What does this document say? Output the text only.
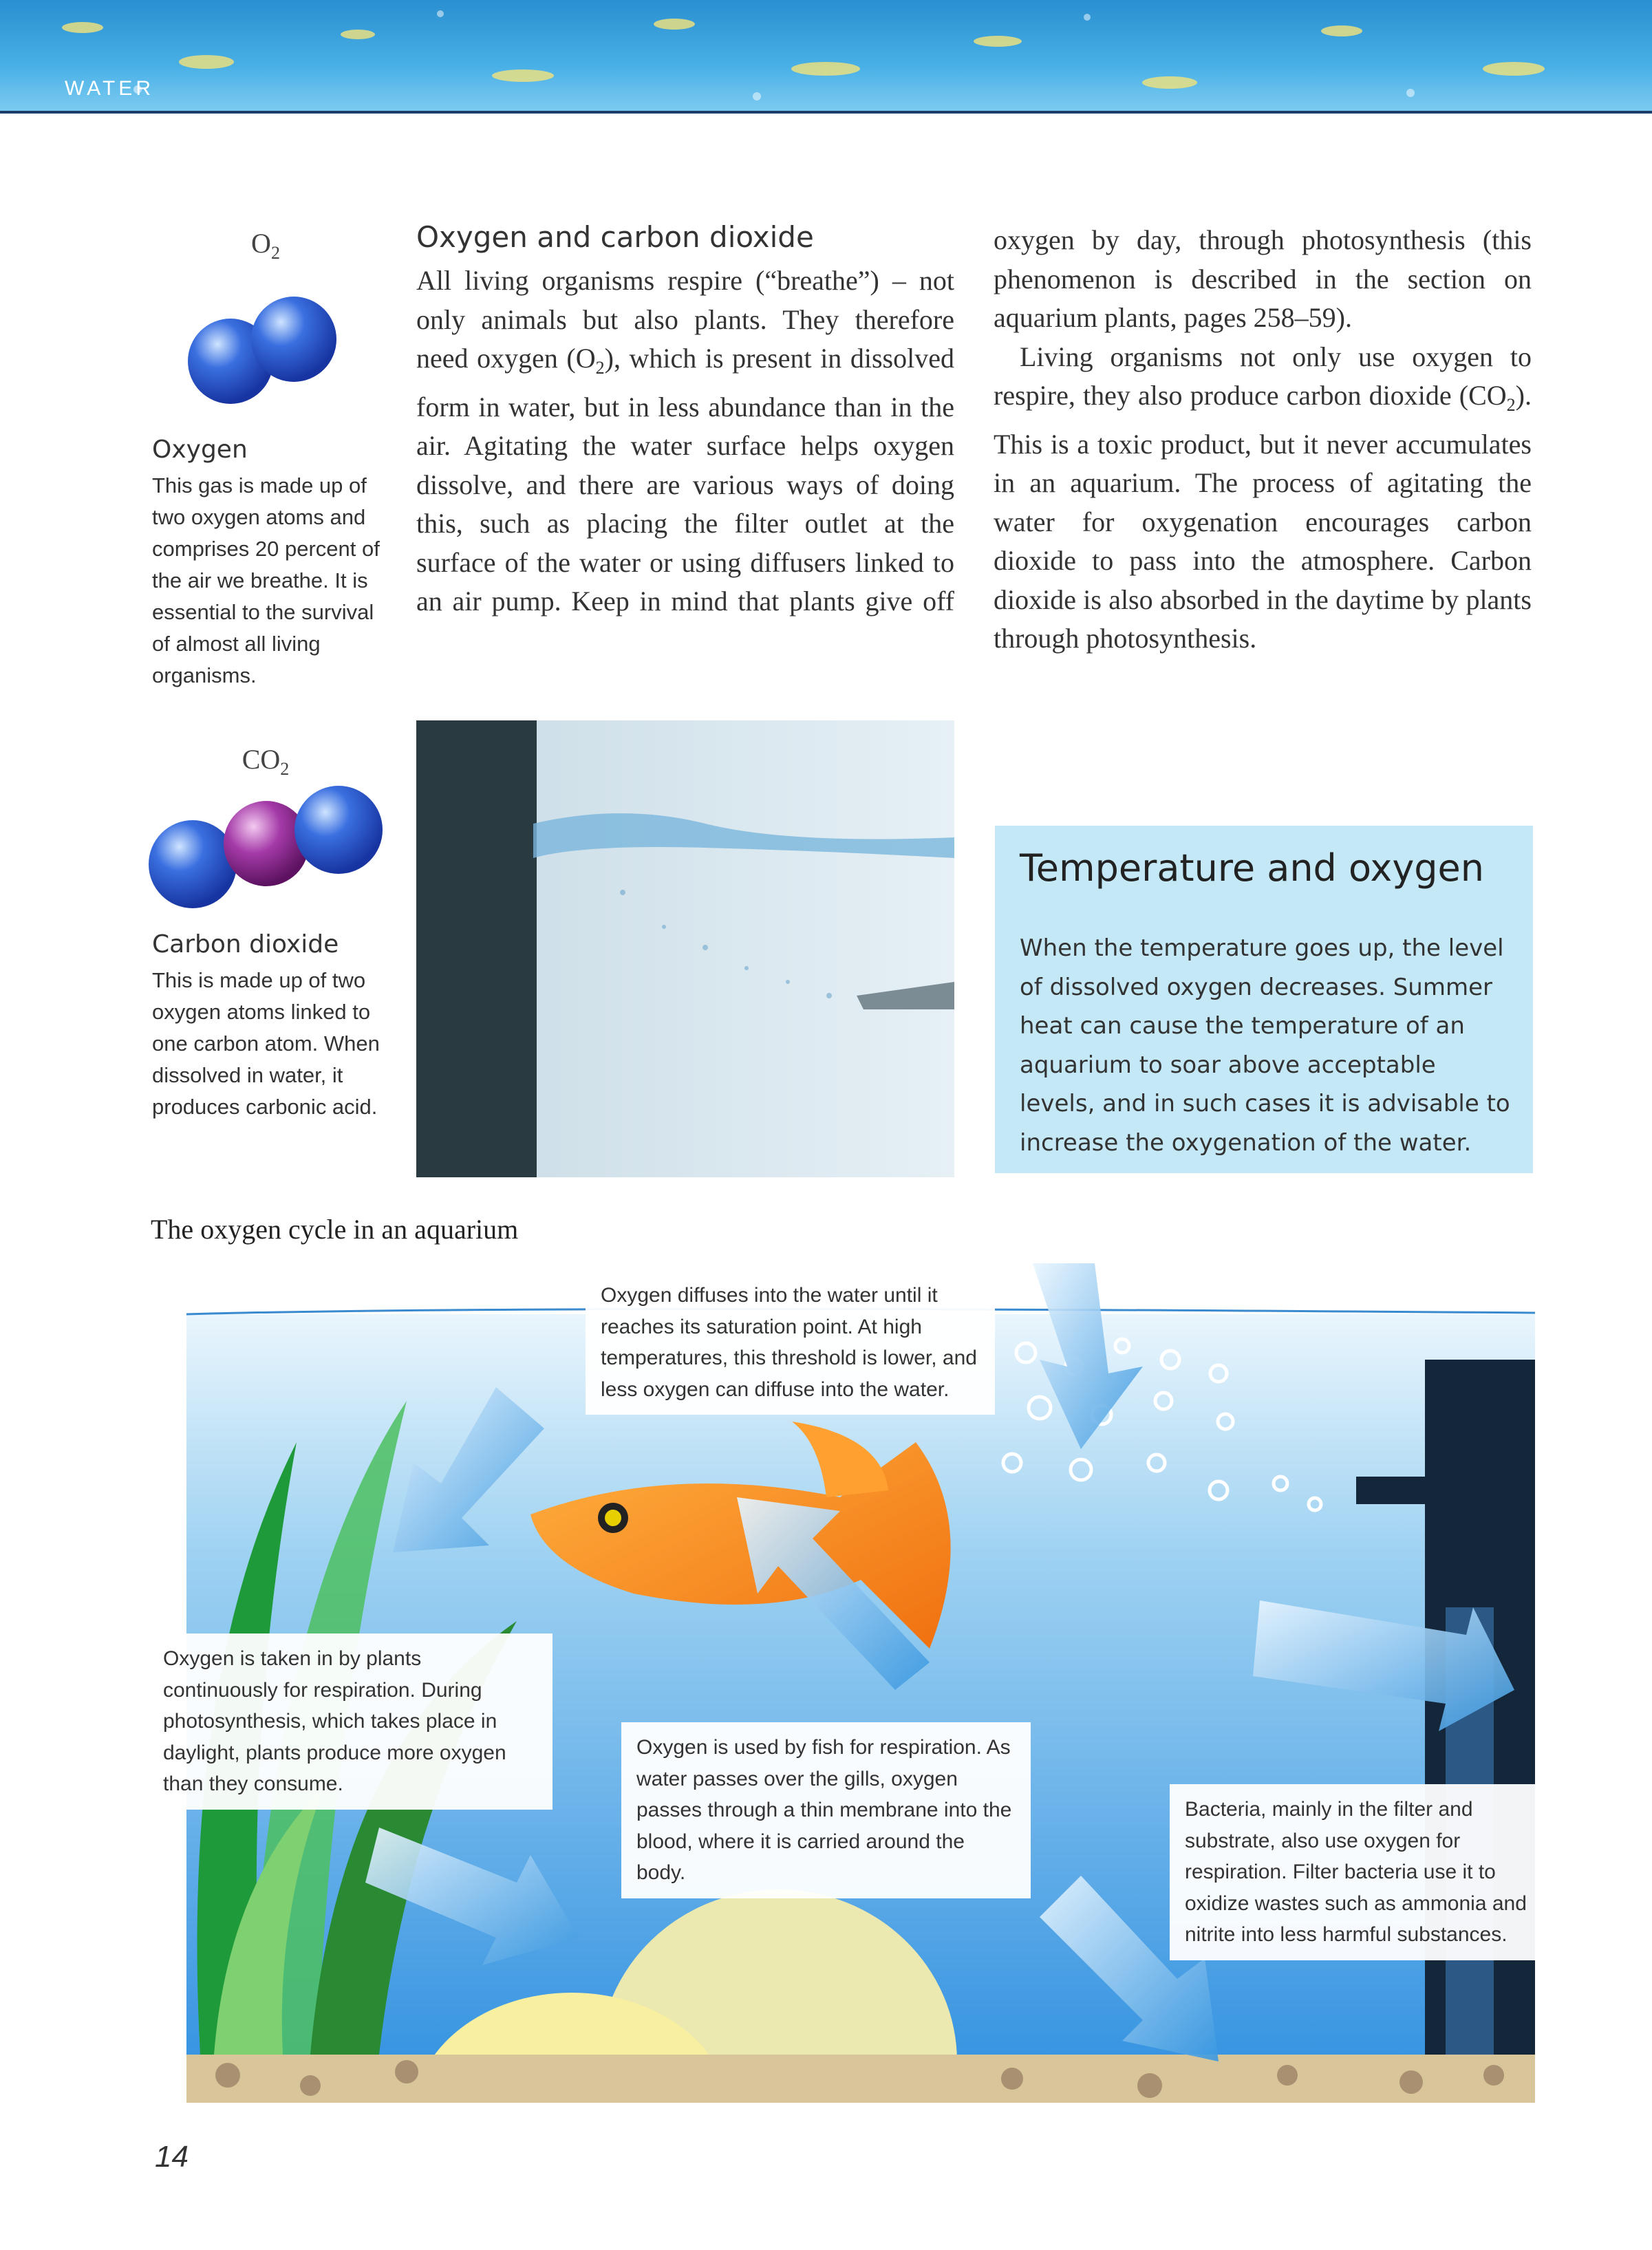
WATER
$O_2$
Oxygen
This gas is made up of two oxygen atoms and comprises 20 percent of the air we breathe. It is essential to the survival of almost all living organisms.
$CO_2$
Carbon dioxide
This is made up of two oxygen atoms linked to one carbon atom. When dissolved in water, it produces carbonic acid.
Oxygen and carbon dioxide
All living organisms respire (“breathe”) – not only animals but also plants. They therefore need oxygen $(O_2)$, which is present in dissolved form in water, but in less abundance than in the air. Agitating the water surface helps oxygen dissolve, and there are various ways of doing this, such as placing the filter outlet at the surface of the water or using diffusers linked to an air pump. Keep in mind that plants give off

oxygen by day, through photosynthesis (this phenomenon is described in the section on aquarium plants, pages 258–59).

Living organisms not only use oxygen to respire, they also produce carbon dioxide $(CO_2)$. This is a toxic product, but it never accumulates in an aquarium. The process of agitating the water for oxygenation encourages carbon dioxide to pass into the atmosphere. Carbon dioxide is also absorbed in the daytime by plants through photosynthesis.

Temperature and oxygen
When the temperature goes up, the level of dissolved oxygen decreases. Summer heat can cause the temperature of an aquarium to soar above acceptable levels, and in such cases it is advisable to increase the oxygenation of the water.
The oxygen cycle in an aquarium
Oxygen diffuses into the water until it reaches its saturation point. At high temperatures, this threshold is lower, and less oxygen can diffuse into the water.
Oxygen is taken in by plants continuously for respiration. During photosynthesis, which takes place in daylight, plants produce more oxygen than they consume.
Oxygen is used by fish for respiration. As water passes over the gills, oxygen passes through a thin membrane into the blood, where it is carried around the body.
Bacteria, mainly in the filter and substrate, also use oxygen for respiration. Filter bacteria use it to oxidize wastes such as ammonia and nitrite into less harmful substances.
14
